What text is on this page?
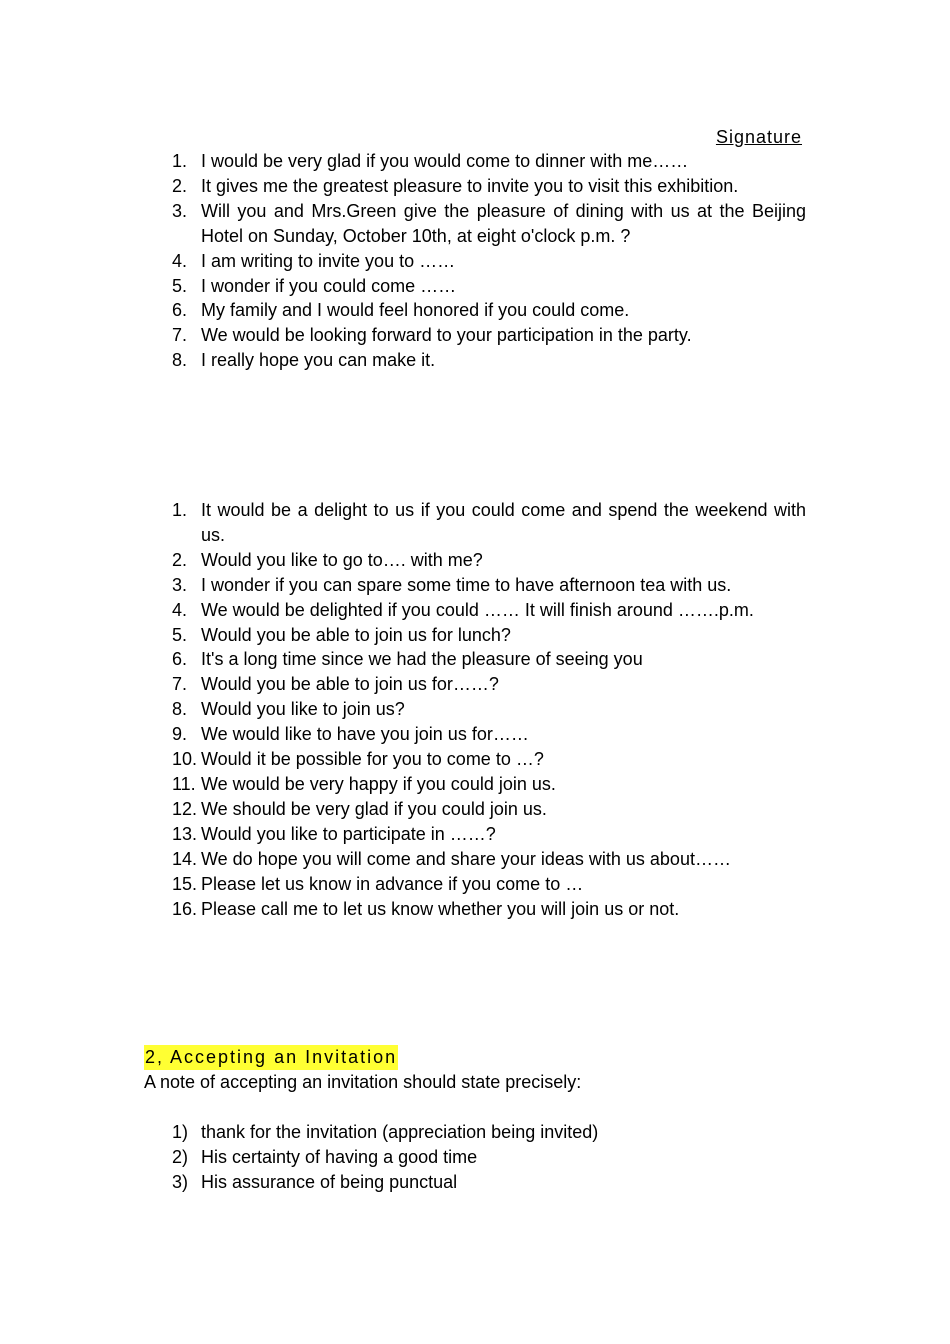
Signature
1. I would be very glad if you would come to dinner with me……
2. It gives me the greatest pleasure to invite you to visit this exhibition.
3. Will you and Mrs.Green give the pleasure of dining with us at the Beijing Hotel on Sunday, October 10th, at eight o'clock p.m. ?
4. I am writing to invite you to ……
5. I wonder if you could come ……
6. My family and I would feel honored if you could come.
7. We would be looking forward to your participation in the party.
8. I really hope you can make it.
1. It would be a delight to us if you could come and spend the weekend with us.
2. Would you like to go to…. with me?
3. I wonder if you can spare some time to have afternoon tea with us.
4. We would be delighted if you could …… It will finish around …….p.m.
5. Would you be able to join us for lunch?
6. It's a long time since we had the pleasure of seeing you
7. Would you be able to join us for……?
8. Would you like to join us?
9. We would like to have you join us for……
10. Would it be possible for you to come to …?
11. We would be very happy if you could join us.
12. We should be very glad if you could join us.
13. Would you like to participate in ……?
14. We do hope you will come and share your ideas with us about……
15. Please let us know in advance if you come to …
16. Please call me to let us know whether you will join us or not.
2, Accepting an Invitation

A note of accepting an invitation should state precisely:

1) thank for the invitation (appreciation being invited)
2) His certainty of having a good time
3) His assurance of being punctual
